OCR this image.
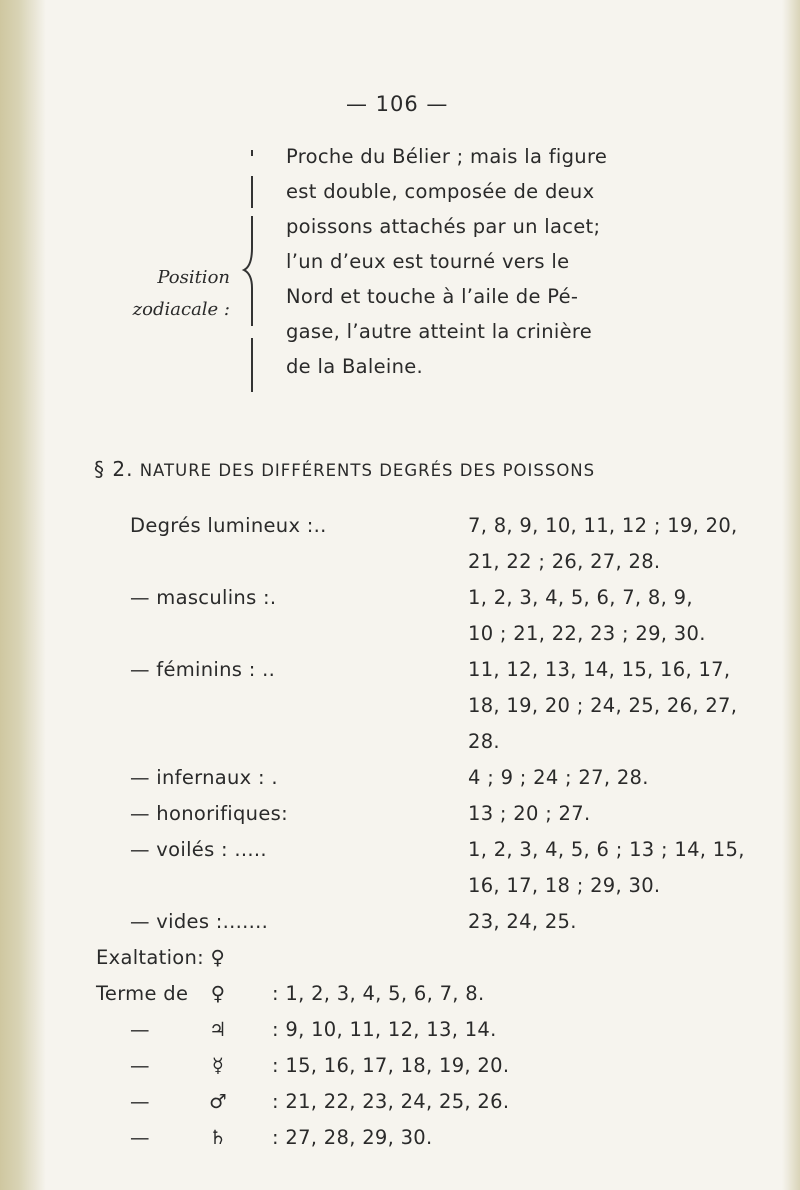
— 106 —
Position
zodiacale :
Proche du Bélier ; mais la figure
est double, composée de deux
poissons attachés par un lacet;
l’un d’eux est tourné vers le
Nord et touche à l’aile de Pé-
gase, l’autre atteint la crinière
de la Baleine.
§ 2. NATURE DES DIFFÉRENTS DEGRÉS DES POISSONS
Degrés lumineux :..	7, 8, 9, 10, 11, 12 ; 19, 20,
21, 22 ; 26, 27, 28.
— masculins :.	1, 2, 3, 4, 5, 6, 7, 8, 9,
10 ; 21, 22, 23 ; 29, 30.
— féminins : ..	11, 12, 13, 14, 15, 16, 17,
18, 19, 20 ; 24, 25, 26, 27,
28.
— infernaux : .	4 ; 9 ; 24 ; 27, 28.
— honorifiques:	13 ; 20 ; 27.
— voilés : .....	1, 2, 3, 4, 5, 6 ; 13 ; 14, 15,
16, 17, 18 ; 29, 30.
— vides :.......	23, 24, 25.
Exaltation: ♀
Terme de	♀	: 1, 2, 3, 4, 5, 6, 7, 8.
—	♃	: 9, 10, 11, 12, 13, 14.
—	☿	: 15, 16, 17, 18, 19, 20.
—	♂	: 21, 22, 23, 24, 25, 26.
—	♄	: 27, 28, 29, 30.
